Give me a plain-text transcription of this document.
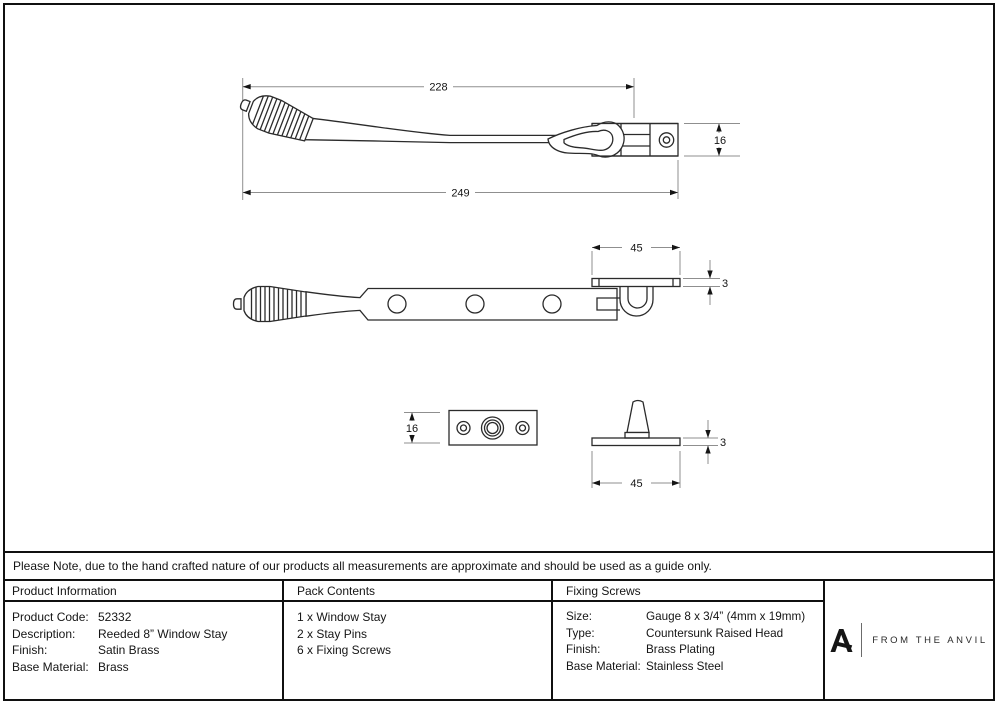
228
249
16
45
3
16
3
45
Please Note, due to the hand crafted nature of our products all measurements are approximate and should be used as a guide only.
Product Information
Product Code: 52332
Description:	Reeded 8” Window Stay
Finish:	Satin Brass
Base Material: Brass
Pack Contents
1 x Window Stay
2 x Stay Pins
6 x Fixing Screws
Fixing Screws
Size:	Gauge 8 x 3/4” (4mm x 19mm)
Type:	Countersunk Raised Head
Finish:	Brass Plating
Base Material: Stainless Steel
FROM THE ANVIL
